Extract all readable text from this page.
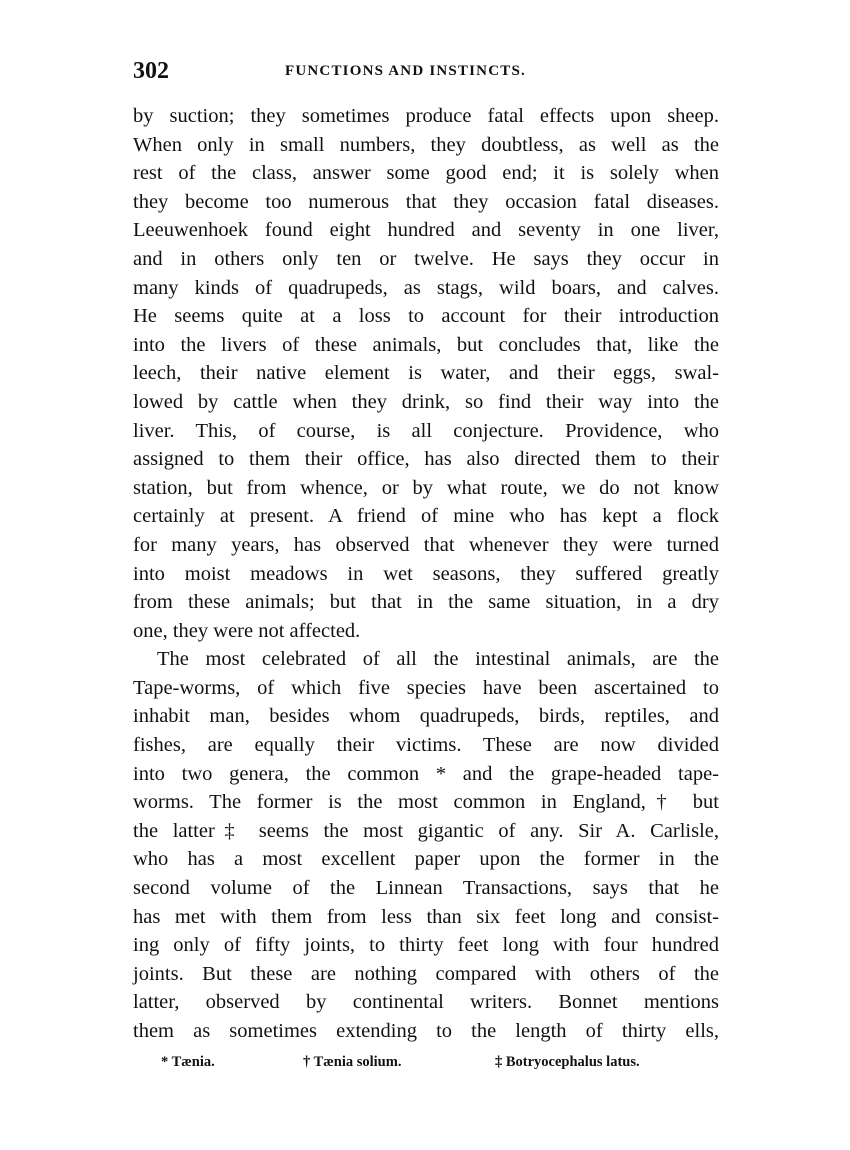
302	FUNCTIONS AND INSTINCTS.
by suction; they sometimes produce fatal effects upon sheep.
When only in small numbers, they doubtless, as well as the
rest of the class, answer some good end; it is solely when
they become too numerous that they occasion fatal diseases.
Leeuwenhoek found eight hundred and seventy in one liver,
and in others only ten or twelve. He says they occur in
many kinds of quadrupeds, as stags, wild boars, and calves.
He seems quite at a loss to account for their introduction
into the livers of these animals, but concludes that, like the
leech, their native element is water, and their eggs, swal-
lowed by cattle when they drink, so find their way into the
liver. This, of course, is all conjecture. Providence, who
assigned to them their office, has also directed them to their
station, but from whence, or by what route, we do not know
certainly at present. A friend of mine who has kept a flock
for many years, has observed that whenever they were turned
into moist meadows in wet seasons, they suffered greatly
from these animals; but that in the same situation, in a dry
one, they were not affected.
The most celebrated of all the intestinal animals, are the
Tape-worms, of which five species have been ascertained to
inhabit man, besides whom quadrupeds, birds, reptiles, and
fishes, are equally their victims. These are now divided
into two genera, the common * and the grape-headed tape-
worms. The former is the most common in England,† but
the latter‡ seems the most gigantic of any. Sir A. Carlisle,
who has a most excellent paper upon the former in the
second volume of the Linnean Transactions, says that he
has met with them from less than six feet long and consist-
ing only of fifty joints, to thirty feet long with four hundred
joints. But these are nothing compared with others of the
latter, observed by continental writers. Bonnet mentions
them as sometimes extending to the length of thirty ells,
* Tænia.	† Tænia solium.	‡ Botryocephalus latus.
